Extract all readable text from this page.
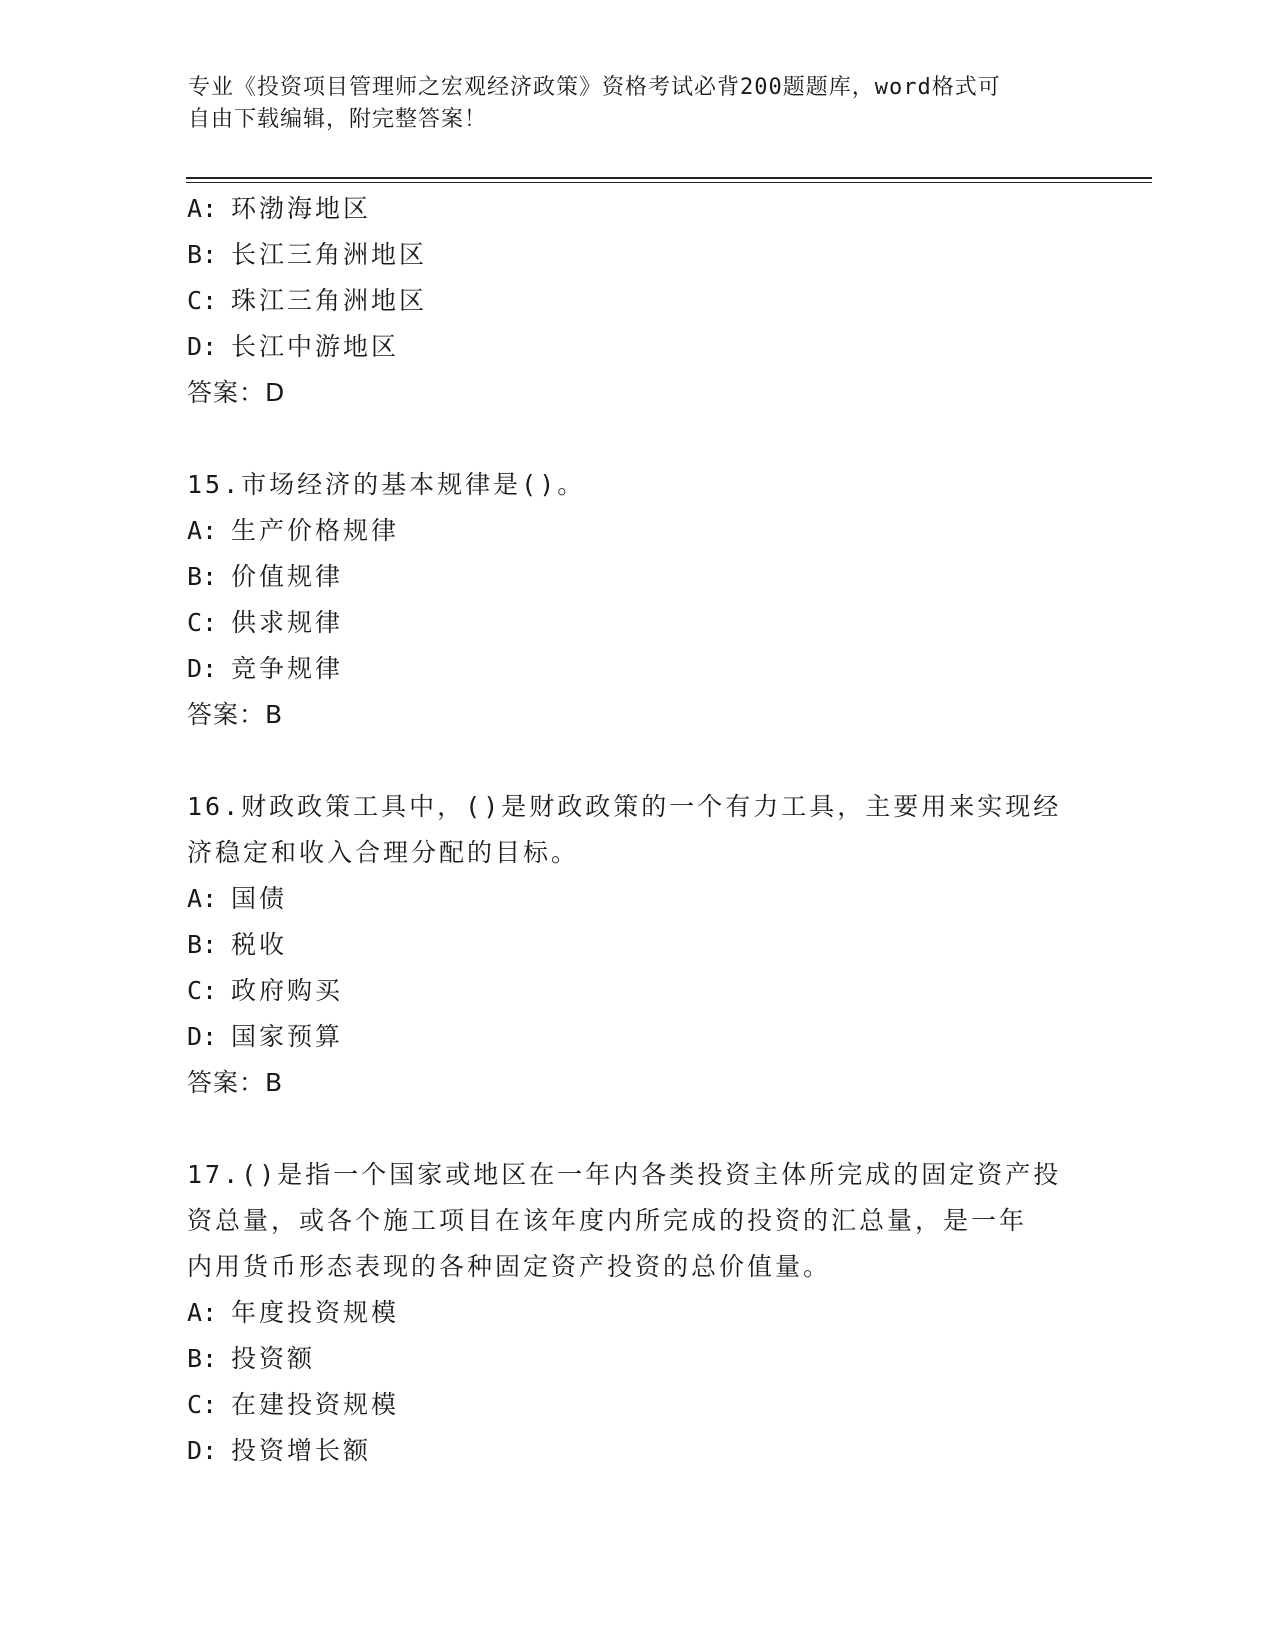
专业《投资项目管理师之宏观经济政策》资格考试必背200题题库，word格式可
自由下载编辑，附完整答案！
A: 环渤海地区
B: 长江三角洲地区
C: 珠江三角洲地区
D: 长江中游地区
答案：D
15.市场经济的基本规律是()。
A: 生产价格规律
B: 价值规律
C: 供求规律
D: 竞争规律
答案：B
16.财政政策工具中，()是财政政策的一个有力工具，主要用来实现经
济稳定和收入合理分配的目标。
A: 国债
B: 税收
C: 政府购买
D: 国家预算
答案：B
17.()是指一个国家或地区在一年内各类投资主体所完成的固定资产投
资总量，或各个施工项目在该年度内所完成的投资的汇总量，是一年
内用货币形态表现的各种固定资产投资的总价值量。
A: 年度投资规模
B: 投资额
C: 在建投资规模
D: 投资增长额
